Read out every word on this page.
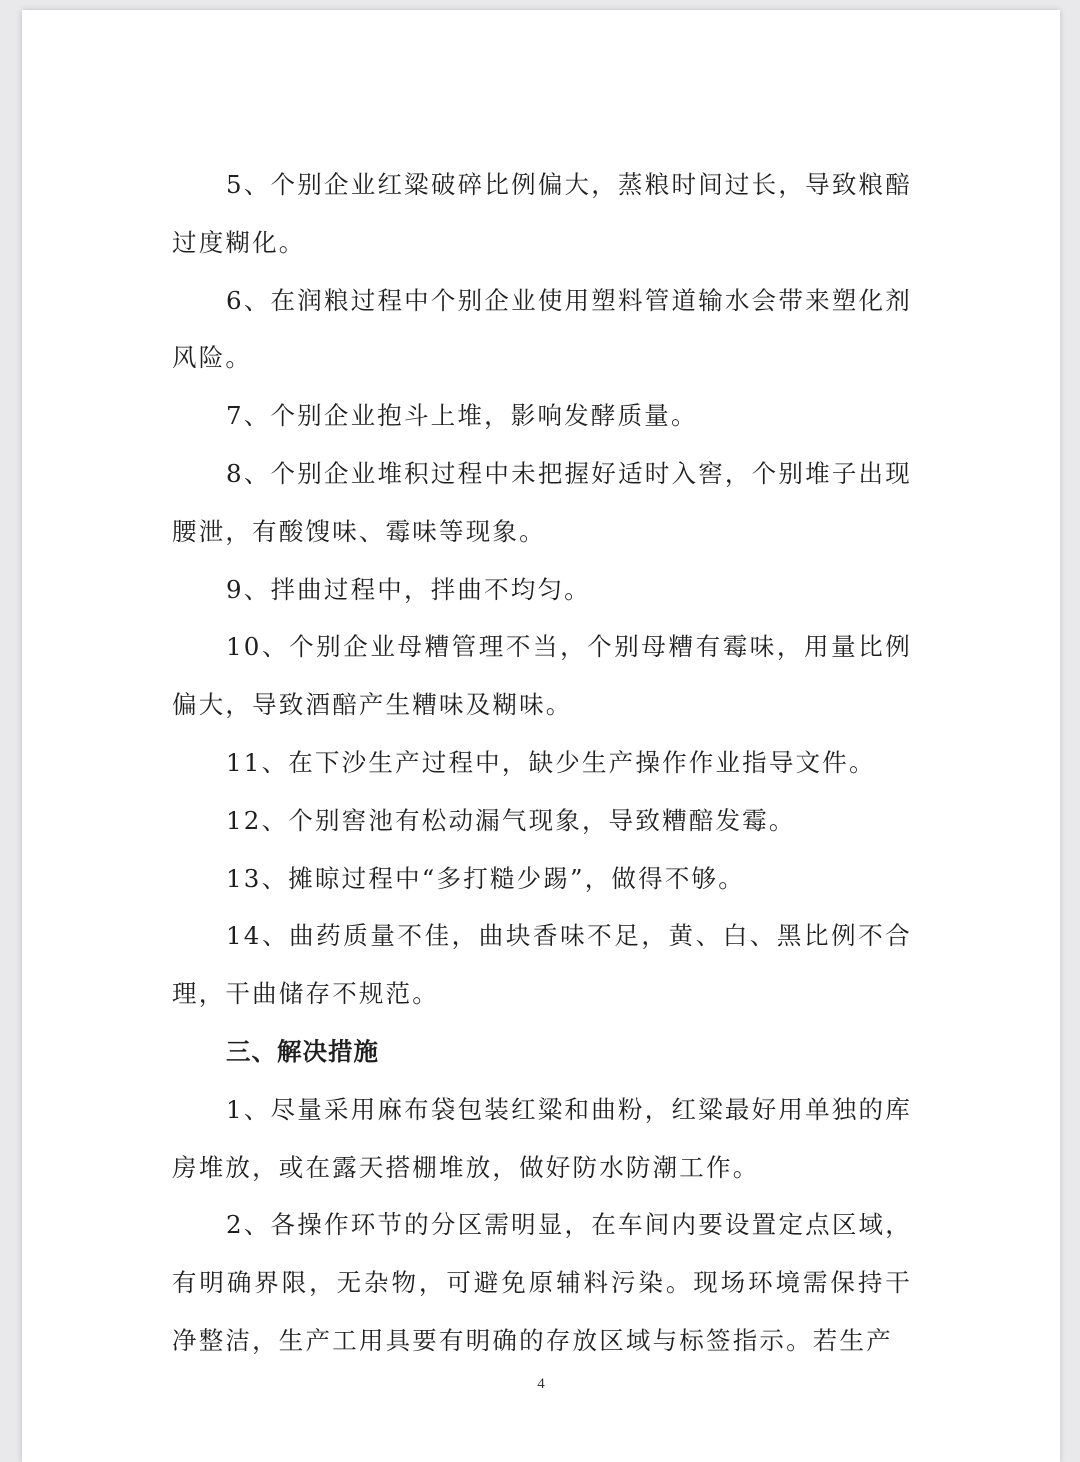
5、个别企业红粱破碎比例偏大，蒸粮时间过长，导致粮醅过度糊化。

6、在润粮过程中个别企业使用塑料管道输水会带来塑化剂风险。

7、个别企业抱斗上堆，影响发酵质量。

8、个别企业堆积过程中未把握好适时入窖，个别堆子出现腰泄，有酸馊味、霉味等现象。

9、拌曲过程中，拌曲不均匀。

10、个别企业母糟管理不当，个别母糟有霉味，用量比例偏大，导致酒醅产生糟味及糊味。

11、在下沙生产过程中，缺少生产操作作业指导文件。

12、个别窖池有松动漏气现象，导致糟醅发霉。

13、摊晾过程中“多打糙少踢”，做得不够。

14、曲药质量不佳，曲块香味不足，黄、白、黑比例不合理，干曲储存不规范。

三、解决措施

1、尽量采用麻布袋包装红粱和曲粉，红粱最好用单独的库房堆放，或在露天搭棚堆放，做好防水防潮工作。

2、各操作环节的分区需明显，在车间内要设置定点区域，有明确界限，无杂物，可避免原辅料污染。现场环境需保持干净整洁，生产工用具要有明确的存放区域与标签指示。若生产

4
